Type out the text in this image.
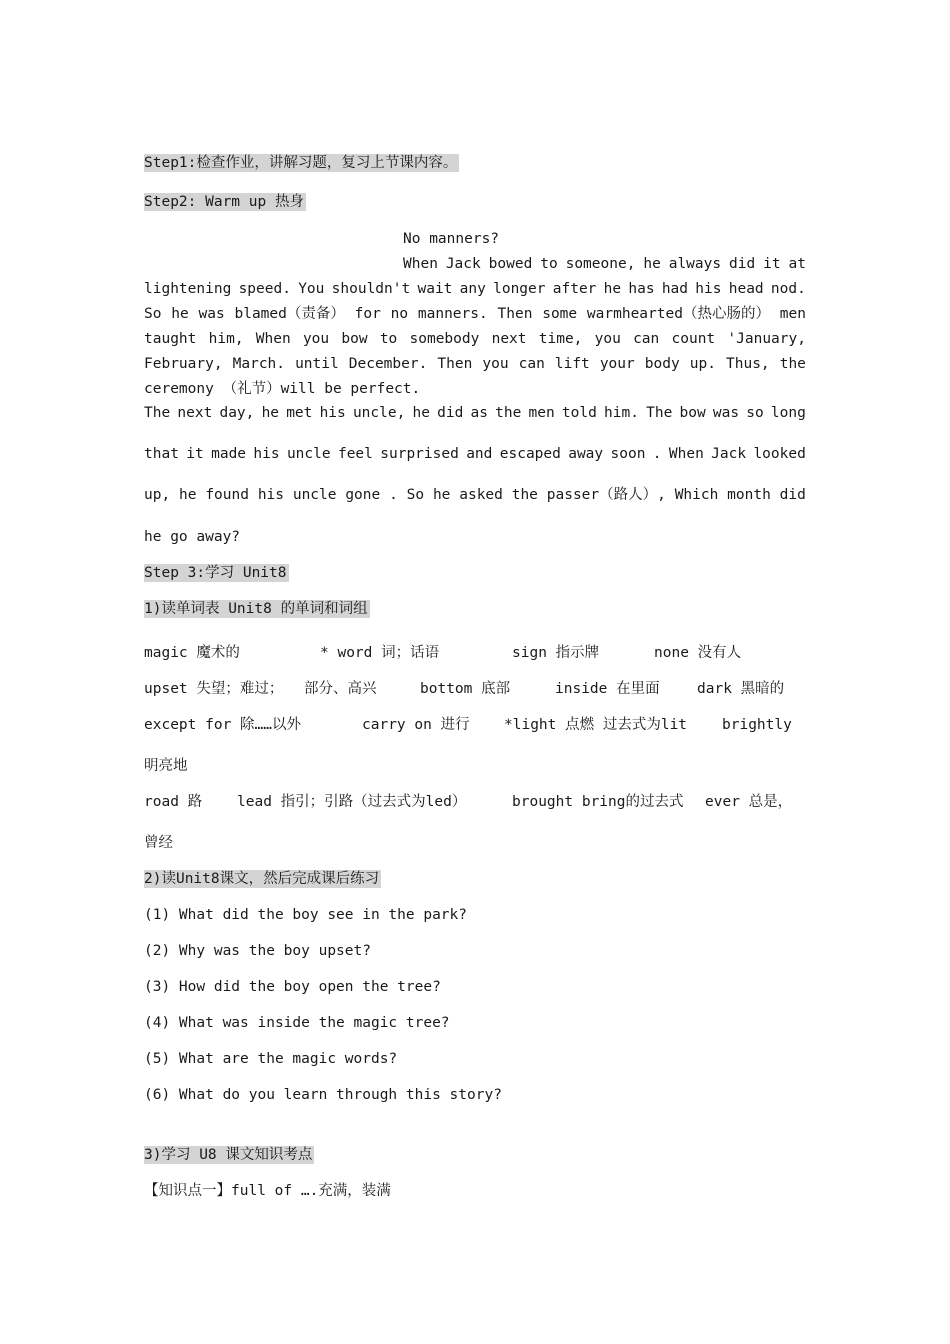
Step1:检查作业，讲解习题，复习上节课内容。
Step2: Warm up 热身
No manners?
When Jack bowed to someone, he always did it at
lightening speed. You shouldn't wait any longer after he has had his head nod.
So he was blamed（责备） for no manners. Then some warmhearted（热心肠的） men
taught him, When you bow to somebody next time, you can count 'January,
February, March. until December. Then you can lift your body up. Thus, the
ceremony （礼节）will be perfect.
The next day, he met his uncle, he did as the men told him. The bow was so long
that it made his uncle feel surprised and escaped away soon . When Jack looked
up, he found his uncle gone . So he asked the passer（路人）, Which month did
he go away?
Step 3:学习 Unit8
1)读单词表 Unit8 的单词和词组
magic 魔术的	* word 词；话语	sign 指示牌	none 没有人
upset 失望；难过； 部分、高兴	bottom 底部	inside 在里面	dark 黑暗的
except for 除……以外	carry on 进行 *light 点燃 过去式为lit brightly
明亮地
road 路 lead 指引；引路（过去式为led）	brought bring的过去式 ever 总是，
曾经
2)读Unit8课文，然后完成课后练习
(1) What did the boy see in the park?
(2) Why was the boy upset?
(3) How did the boy open the tree?
(4) What was inside the magic tree?
(5) What are the magic words?
(6) What do you learn through this story?
3)学习 U8 课文知识考点
【知识点一】full of ….充满，装满
